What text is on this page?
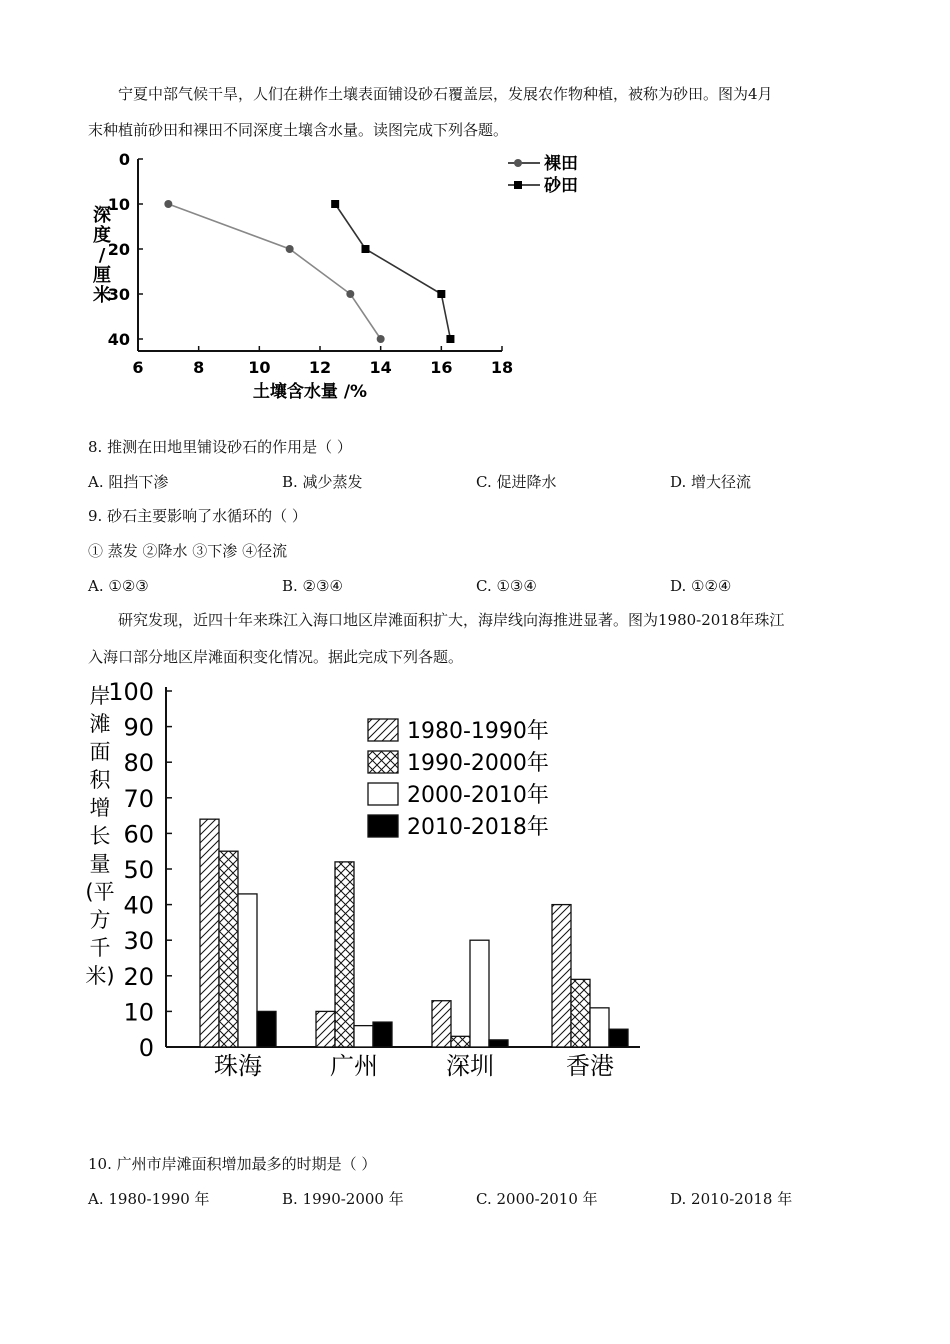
宁夏中部气候干旱，人们在耕作土壤表面铺设砂石覆盖层，发展农作物种植，被称为砂田。图为4月
末种植前砂田和裸田不同深度土壤含水量。读图完成下列各题。
6	8	10 12 14 16 18
0
10
20
30
40
裸田
砂田
土壤含水量 /%
深
度
/
厘
米
8. 推测在田地里铺设砂石的作用是（ ）
A. 阻挡下渗	B. 减少蒸发	C. 促进降水	D. 增大径流
9. 砂石主要影响了水循环的（ ）
① 蒸发 ②降水 ③下渗 ④径流
A. ①②③	B. ②③④	C. ①③④	D. ①②④
研究发现，近四十年来珠江入海口地区岸滩面积扩大，海岸线向海推进显著。图为1980-2018年珠江
入海口部分地区岸滩面积变化情况。据此完成下列各题。
0
10
20
30
40
50
60
70
80
90
100
1980-1990年
1990-2000年
2000-2010年
2010-2018年
岸
滩
面
积
增
长
量
(平
方
千
米)
珠海	广州	深圳	香港
10. 广州市岸滩面积增加最多的时期是（ ）
A. 1980-1990 年	B. 1990-2000 年	C. 2000-2010 年	D. 2010-2018 年
